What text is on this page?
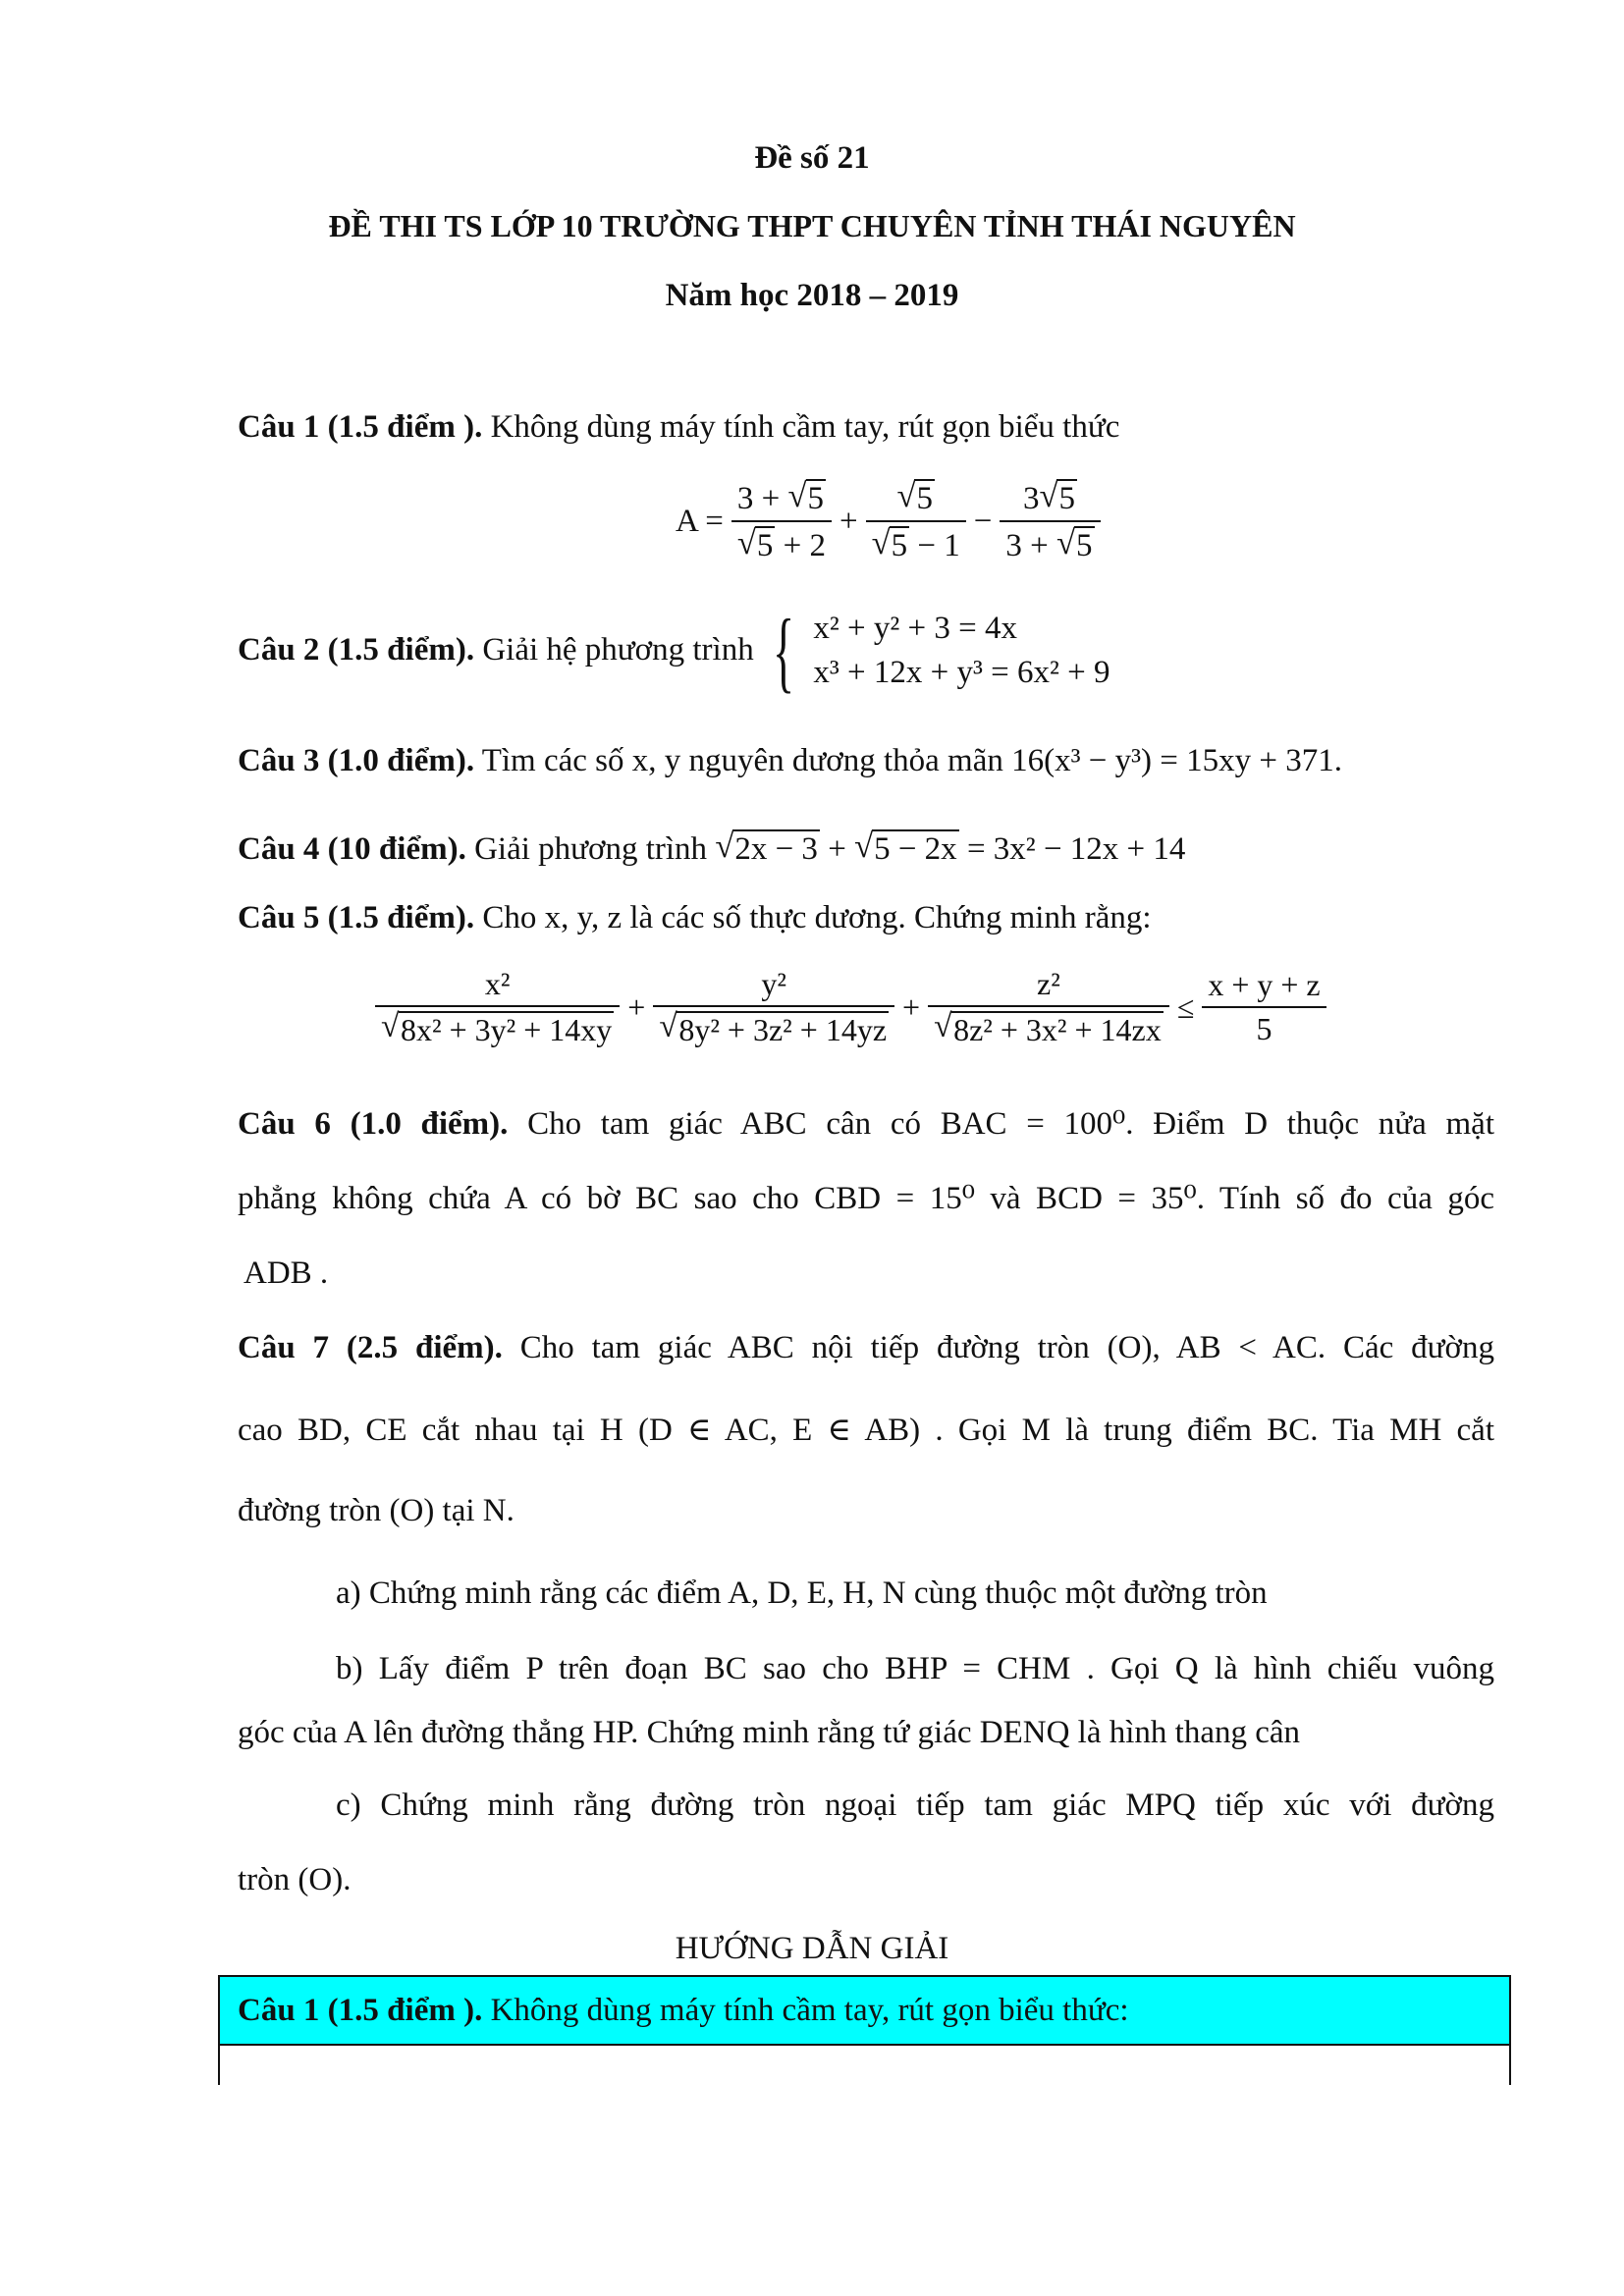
Đề số 21
ĐỀ THI TS LỚP 10 TRƯỜNG THPT CHUYÊN TỈNH THÁI NGUYÊN
Năm học 2018 – 2019
Câu 1 (1.5 điểm ). Không dùng máy tính cầm tay, rút gọn biểu thức
A = 3 + √ 5
√ 5 + 2 + √ 5
√ $5 - 1 - \frac{3 √ 5}{3 + √ 5}$
Câu 2 (1.5 điểm). Giải hệ phương trình { x² + y² + 3 = 4x
x³ + 12x + y³ = 6x² + 9
Câu 3 (1.0 điểm). Tìm các số x, y nguyên dương thỏa mãn 16(x³ − y³) = 15xy + 371.
Câu 4 (10 điểm). Giải phương trình √ 2x − 3 + √ 5 − 2x = 3x² − 12x + 14
Câu 5 (1.5 điểm). Cho x, y, z là các số thực dương. Chứng minh rằng:
x²
√ 8x² + 3y² + 14xy + y²
√ 8y² + 3z² + 14yz + z²
√ $8z^2 + 3x^2 + 14zx \le \frac{x + y + z}{5}$
Câu 6 (1.0 điểm). Cho tam giác ABC cân có BAC = 100⁰. Điểm D thuộc nửa mặt
phẳng không chứa A có bờ BC sao cho CBD = 15⁰ và BCD = 35⁰. Tính số đo của góc
ADB .
Câu 7 (2.5 điểm). Cho tam giác ABC nội tiếp đường tròn (O), AB < AC. Các đường
cao BD, CE cắt nhau tại H (D ∈ AC, E ∈ AB) . Gọi M là trung điểm BC. Tia MH cắt
đường tròn (O) tại N.
a) Chứng minh rằng các điểm A, D, E, H, N cùng thuộc một đường tròn
b) Lấy điểm P trên đoạn BC sao cho BHP = CHM . Gọi Q là hình chiếu vuông
góc của A lên đường thẳng HP. Chứng minh rằng tứ giác DENQ là hình thang cân
c) Chứng minh rằng đường tròn ngoại tiếp tam giác MPQ tiếp xúc với đường
tròn (O).
HƯỚNG DẪN GIẢI
Câu 1 (1.5 điểm ). Không dùng máy tính cầm tay, rút gọn biểu thức:
